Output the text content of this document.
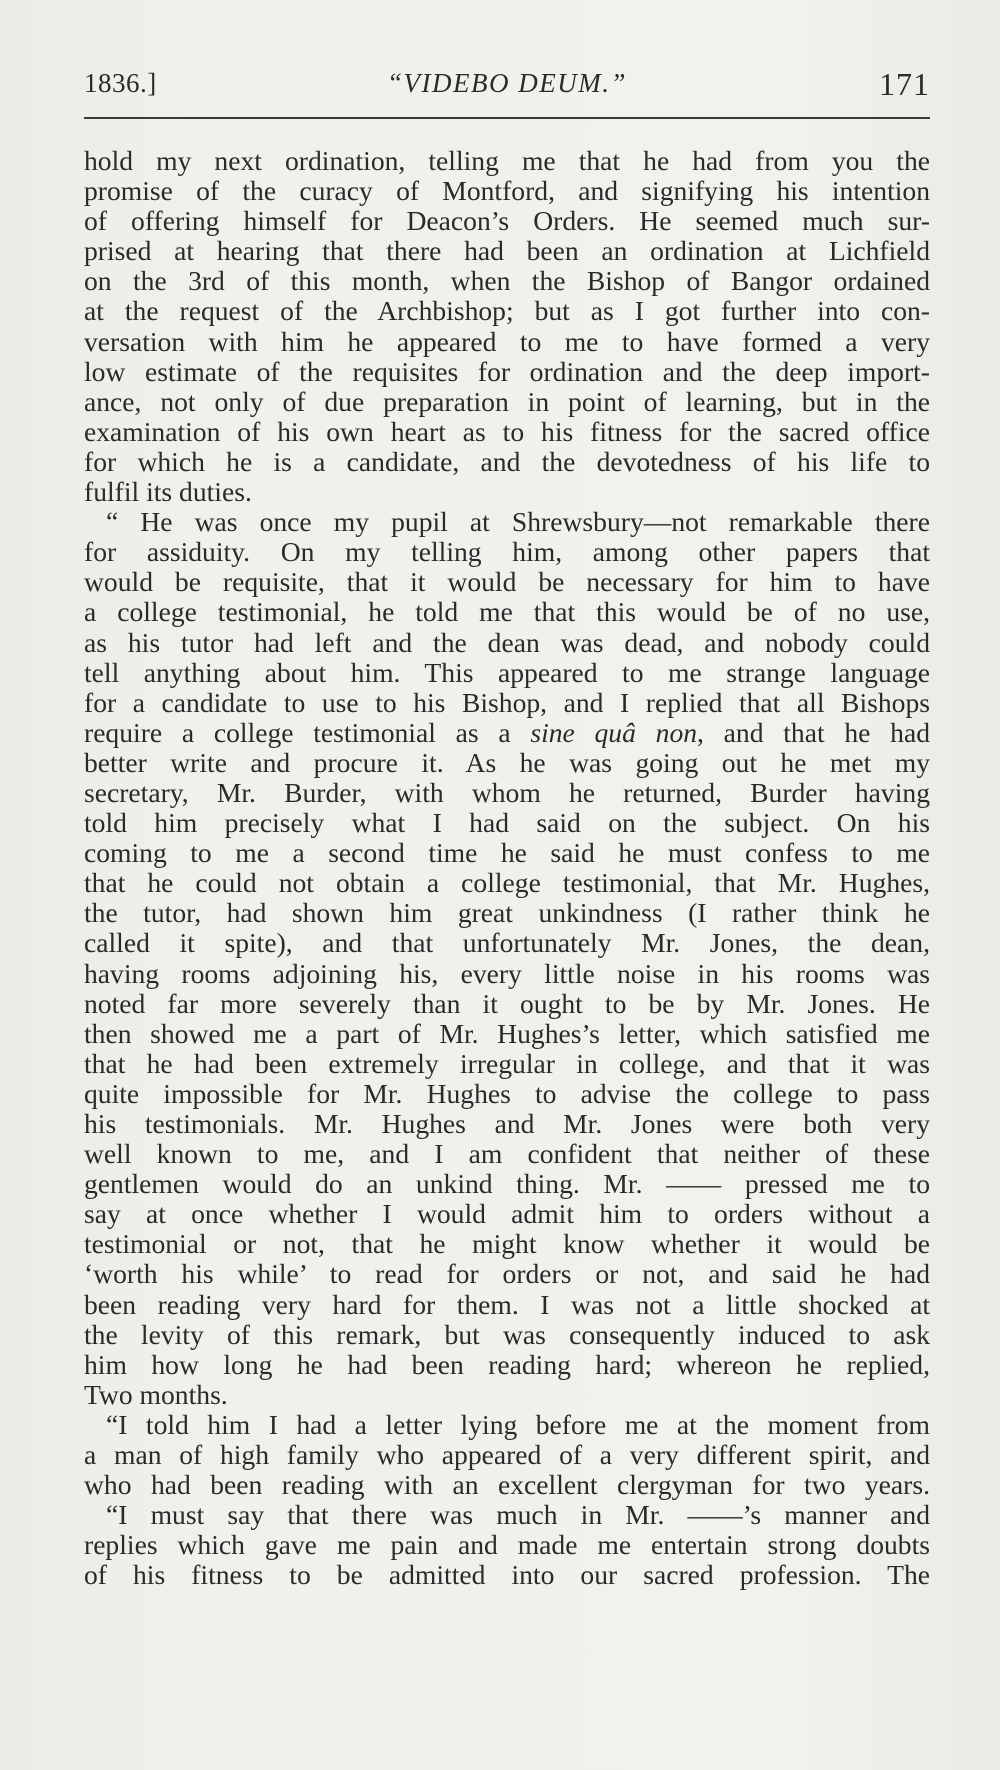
1836.]	“VIDEBO DEUM.”	171
hold my next ordination, telling me that he had from you the
promise of the curacy of Montford, and signifying his intention
of offering himself for Deacon’s Orders. He seemed much sur-
prised at hearing that there had been an ordination at Lichfield
on the 3rd of this month, when the Bishop of Bangor ordained
at the request of the Archbishop; but as I got further into con-
versation with him he appeared to me to have formed a very
low estimate of the requisites for ordination and the deep import-
ance, not only of due preparation in point of learning, but in the
examination of his own heart as to his fitness for the sacred office
for which he is a candidate, and the devotedness of his life to
fulfil its duties.
“ He was once my pupil at Shrewsbury—not remarkable there
for assiduity. On my telling him, among other papers that
would be requisite, that it would be necessary for him to have
a college testimonial, he told me that this would be of no use,
as his tutor had left and the dean was dead, and nobody could
tell anything about him. This appeared to me strange language
for a candidate to use to his Bishop, and I replied that all Bishops
require a college testimonial as a sine quâ non, and that he had
better write and procure it. As he was going out he met my
secretary, Mr. Burder, with whom he returned, Burder having
told him precisely what I had said on the subject. On his
coming to me a second time he said he must confess to me
that he could not obtain a college testimonial, that Mr. Hughes,
the tutor, had shown him great unkindness (I rather think he
called it spite), and that unfortunately Mr. Jones, the dean,
having rooms adjoining his, every little noise in his rooms was
noted far more severely than it ought to be by Mr. Jones. He
then showed me a part of Mr. Hughes’s letter, which satisfied me
that he had been extremely irregular in college, and that it was
quite impossible for Mr. Hughes to advise the college to pass
his testimonials. Mr. Hughes and Mr. Jones were both very
well known to me, and I am confident that neither of these
gentlemen would do an unkind thing. Mr. —— pressed me to
say at once whether I would admit him to orders without a
testimonial or not, that he might know whether it would be
‘worth his while’ to read for orders or not, and said he had
been reading very hard for them. I was not a little shocked at
the levity of this remark, but was consequently induced to ask
him how long he had been reading hard; whereon he replied,
Two months.
“I told him I had a letter lying before me at the moment from
a man of high family who appeared of a very different spirit, and
who had been reading with an excellent clergyman for two years.
“I must say that there was much in Mr. ——’s manner and
replies which gave me pain and made me entertain strong doubts
of his fitness to be admitted into our sacred profession. The
